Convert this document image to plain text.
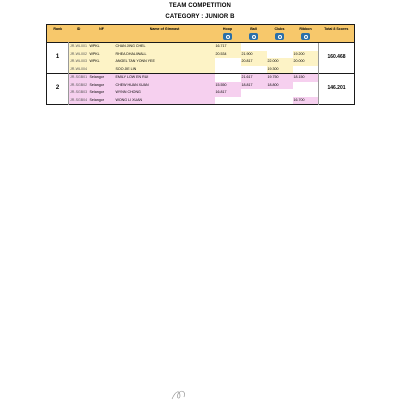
TEAM COMPETITION
CATEGORY : JUNIOR B
Rank	ID	NF	Name of Gimnast	Hoop	Ball	Clubs	Ribbon	Total 8 Scores
1	JR-WL001	WPKL	CHAN JING CHEL	16.717				160.468
	JR-WL002	WPKL	RHEA DHALIWALL	20.534	21.900		19.200	
	JR-WL003	WPKL	ANGEL TAN YONN YEE		20.817	22.000	20.000	
	JR-WL004		SOO JIE LIN			19.300		
2	JR-SGB01	Selangor	EMILY LOW EN RUI		21.617	19.750	18.150	146.201
	JR-SGB02	Selangor	CHEW HUAN XUAN	15.550	18.817	18.800		
	JR-SGB03	Selangor	WYNN CHONG	16.817				
	JR-SGB04	Selangor	WONG LI XUAN				16.700	
